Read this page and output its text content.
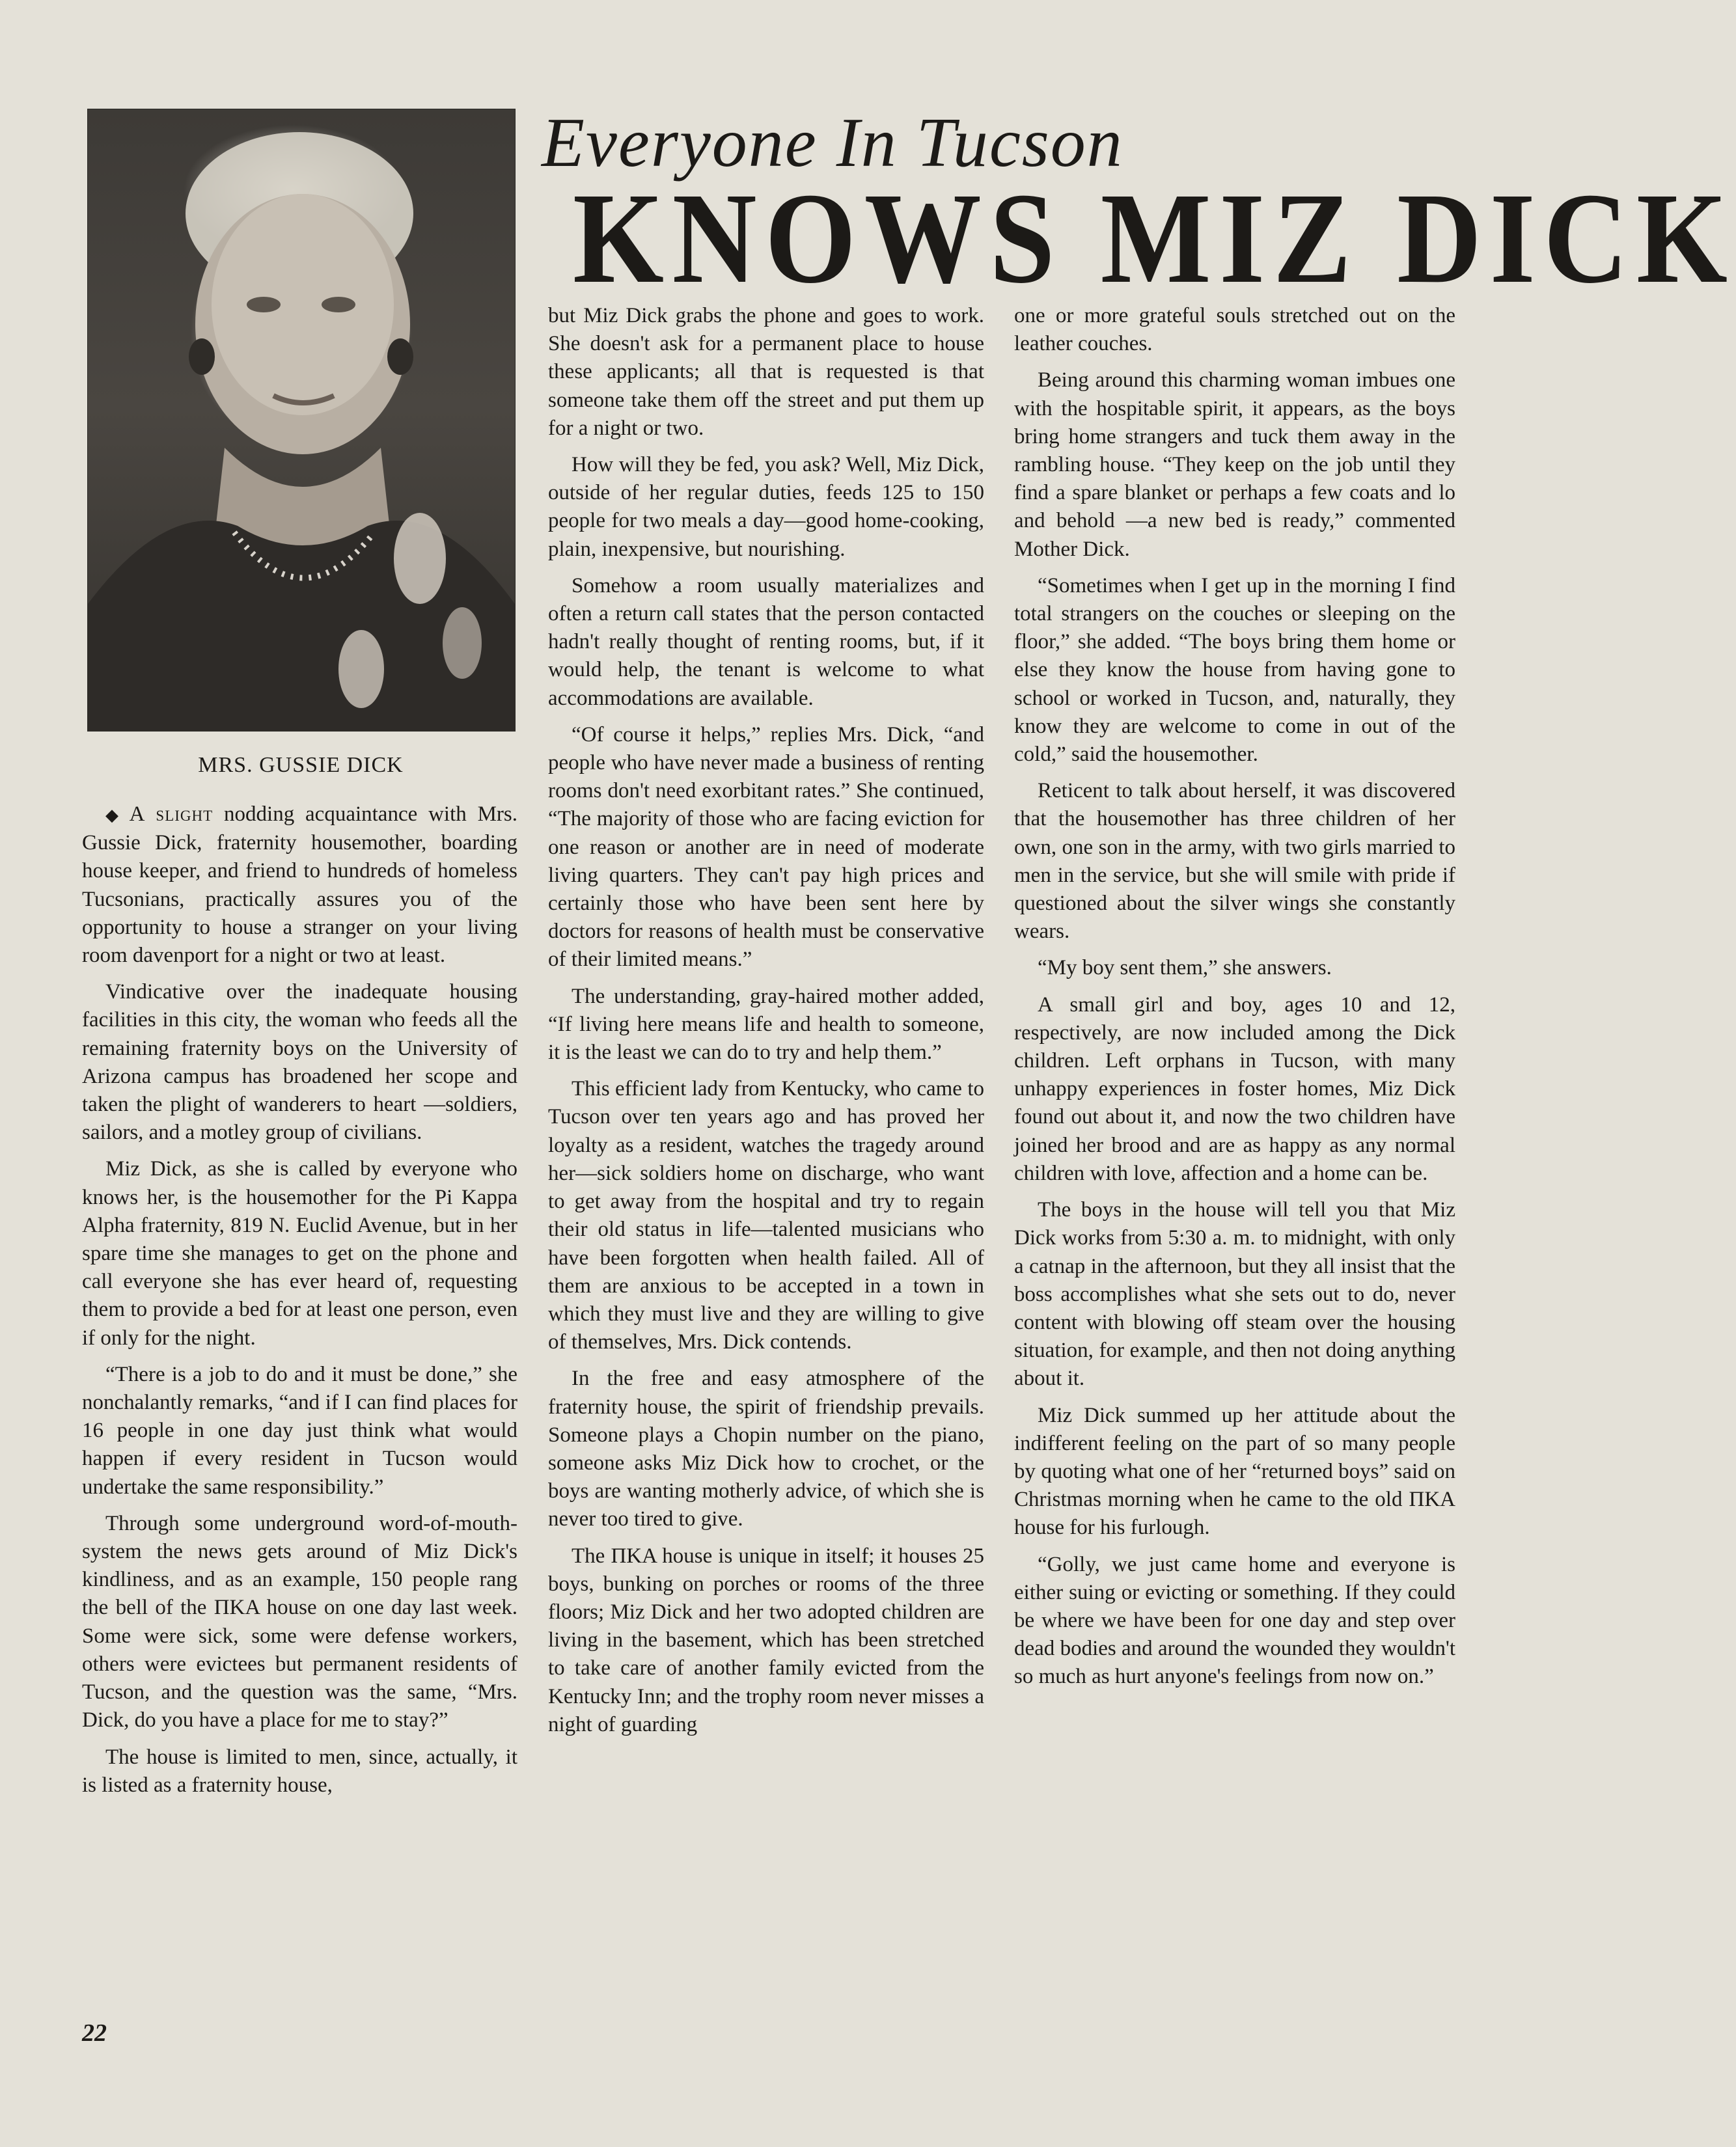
MRS. GUSSIE DICK
Everyone In Tucson
KNOWS MIZ DICK

◆ A slight nodding acquaintance with Mrs. Gussie Dick, fraternity housemother, boarding house keeper, and friend to hundreds of homeless Tucsonians, practically assures you of the opportunity to house a stranger on your living room davenport for a night or two at least.

Vindicative over the inadequate housing facilities in this city, the woman who feeds all the remaining fraternity boys on the University of Arizona campus has broadened her scope and taken the plight of wanderers to heart —soldiers, sailors, and a motley group of civilians.

Miz Dick, as she is called by everyone who knows her, is the housemother for the Pi Kappa Alpha fraternity, 819 N. Euclid Avenue, but in her spare time she manages to get on the phone and call everyone she has ever heard of, requesting them to provide a bed for at least one person, even if only for the night.

“There is a job to do and it must be done,” she nonchalantly remarks, “and if I can find places for 16 people in one day just think what would happen if every resident in Tucson would undertake the same responsibility.”

Through some underground word-of-mouth-system the news gets around of Miz Dick's kindliness, and as an example, 150 people rang the bell of the ΠKA house on one day last week. Some were sick, some were defense workers, others were evictees but permanent residents of Tucson, and the question was the same, “Mrs. Dick, do you have a place for me to stay?”

The house is limited to men, since, actually, it is listed as a fraternity house,

but Miz Dick grabs the phone and goes to work. She doesn't ask for a permanent place to house these applicants; all that is requested is that someone take them off the street and put them up for a night or two.

How will they be fed, you ask? Well, Miz Dick, outside of her regular duties, feeds 125 to 150 people for two meals a day—good home-cooking, plain, inexpensive, but nourishing.

Somehow a room usually materializes and often a return call states that the person contacted hadn't really thought of renting rooms, but, if it would help, the tenant is welcome to what accommodations are available.

“Of course it helps,” replies Mrs. Dick, “and people who have never made a business of renting rooms don't need exorbitant rates.” She continued, “The majority of those who are facing eviction for one reason or another are in need of moderate living quarters. They can't pay high prices and certainly those who have been sent here by doctors for reasons of health must be conservative of their limited means.”

The understanding, gray-haired mother added, “If living here means life and health to someone, it is the least we can do to try and help them.”

This efficient lady from Kentucky, who came to Tucson over ten years ago and has proved her loyalty as a resident, watches the tragedy around her—sick soldiers home on discharge, who want to get away from the hospital and try to regain their old status in life—talented musicians who have been forgotten when health failed. All of them are anxious to be accepted in a town in which they must live and they are willing to give of themselves, Mrs. Dick contends.

In the free and easy atmosphere of the fraternity house, the spirit of friendship prevails. Someone plays a Chopin number on the piano, someone asks Miz Dick how to crochet, or the boys are wanting motherly advice, of which she is never too tired to give.

The ΠKA house is unique in itself; it houses 25 boys, bunking on porches or rooms of the three floors; Miz Dick and her two adopted children are living in the basement, which has been stretched to take care of another family evicted from the Kentucky Inn; and the trophy room never misses a night of guarding

one or more grateful souls stretched out on the leather couches.

Being around this charming woman imbues one with the hospitable spirit, it appears, as the boys bring home strangers and tuck them away in the rambling house. “They keep on the job until they find a spare blanket or perhaps a few coats and lo and behold —a new bed is ready,” commented Mother Dick.

“Sometimes when I get up in the morning I find total strangers on the couches or sleeping on the floor,” she added. “The boys bring them home or else they know the house from having gone to school or worked in Tucson, and, naturally, they know they are welcome to come in out of the cold,” said the housemother.

Reticent to talk about herself, it was discovered that the housemother has three children of her own, one son in the army, with two girls married to men in the service, but she will smile with pride if questioned about the silver wings she constantly wears.

“My boy sent them,” she answers.

A small girl and boy, ages 10 and 12, respectively, are now included among the Dick children. Left orphans in Tucson, with many unhappy experiences in foster homes, Miz Dick found out about it, and now the two children have joined her brood and are as happy as any normal children with love, affection and a home can be.

The boys in the house will tell you that Miz Dick works from 5:30 a. m. to midnight, with only a catnap in the afternoon, but they all insist that the boss accomplishes what she sets out to do, never content with blowing off steam over the housing situation, for example, and then not doing anything about it.

Miz Dick summed up her attitude about the indifferent feeling on the part of so many people by quoting what one of her “returned boys” said on Christmas morning when he came to the old ΠKA house for his furlough.

“Golly, we just came home and everyone is either suing or evicting or something. If they could be where we have been for one day and step over dead bodies and around the wounded they wouldn't so much as hurt anyone's feelings from now on.”

22
